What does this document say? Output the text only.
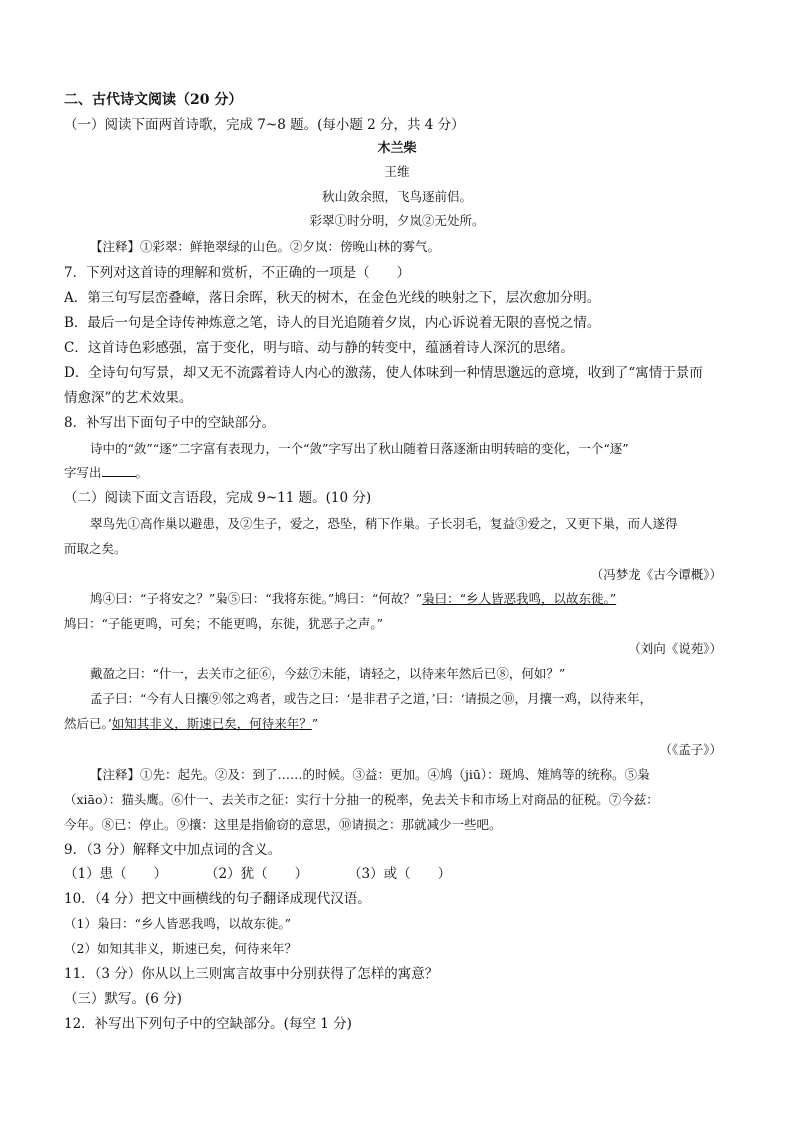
二、古代诗文阅读（20 分）
（一）阅读下面两首诗歌，完成 7~8 题。(每小题 2 分，共 4 分）
木兰柴
王维
秋山敛余照，飞鸟逐前侣。
彩翠①时分明，夕岚②无处所。
【注释】①彩翠：鲜艳翠绿的山色。②夕岚：傍晚山林的雾气。
7．下列对这首诗的理解和赏析，不正确的一项是（　　）
A．第三句写层峦叠嶂，落日余晖，秋天的树木，在金色光线的映射之下，层次愈加分明。
B．最后一句是全诗传神炼意之笔，诗人的目光追随着夕岚，内心诉说着无限的喜悦之情。
C．这首诗色彩感强，富于变化，明与暗、动与静的转变中，蕴涵着诗人深沉的思绪。
D．全诗句句写景，却又无不流露着诗人内心的激荡，使人体味到一种情思邈远的意境，收到了“寓情于景而
情愈深”的艺术效果。
8．补写出下面句子中的空缺部分。
诗中的“敛”“逐”二字富有表现力，一个“敛”字写出了秋山随着日落逐渐由明转暗的变化，一个“逐”
字写出	。
（二）阅读下面文言语段，完成 9~11 题。(10 分)
翠鸟先①高作巢以避患，及②生子，爱之，恐坠，稍下作巢。子长羽毛，复益③爱之，又更下巢，而人遂得
而取之矣。
（冯梦龙《古今谭概》）
鸠④曰：“子将安之？”枭⑤曰：“我将东徙。”鸠曰：“何故？”枭曰：“乡人皆恶我鸣，以故东徙。”
鸠曰：“子能更鸣，可矣；不能更鸣，东徙，犹恶子之声。”
（刘向《说苑》）
戴盈之曰：“什一，去关市之征⑥，今兹⑦未能，请轻之，以待来年然后已⑧，何如？”
孟子曰：“今有人日攘⑨邻之鸡者，或告之曰：‘是非君子之道，’曰：‘请损之⑩，月攘一鸡，以待来年，
然后已。’如知其非义，斯速已矣，何待来年？”
（《孟子》）
【注释】①先：起先。②及：到了……的时候。③益：更加。④鸠（jiū）：斑鸠、雉鸠等的统称。⑤枭
（xiāo）：猫头鹰。⑥什一、去关市之征：实行十分抽一的税率，免去关卡和市场上对商品的征税。⑦今兹：
今年。⑧已：停止。⑨攘：这里是指偷窃的意思，⑩请损之：那就减少一些吧。
9．（3 分）解释文中加点词的含义。
（1）患（　　）	（2）犹（　　）	（3）或（　　）
10．（4 分）把文中画横线的句子翻译成现代汉语。
（1）枭曰：“乡人皆恶我鸣，以故东徙。”
（2）如知其非义，斯速已矣，何待来年？
11．（3 分）你从以上三则寓言故事中分别获得了怎样的寓意？
（三）默写。(6 分)
12．补写出下列句子中的空缺部分。(每空 1 分)
